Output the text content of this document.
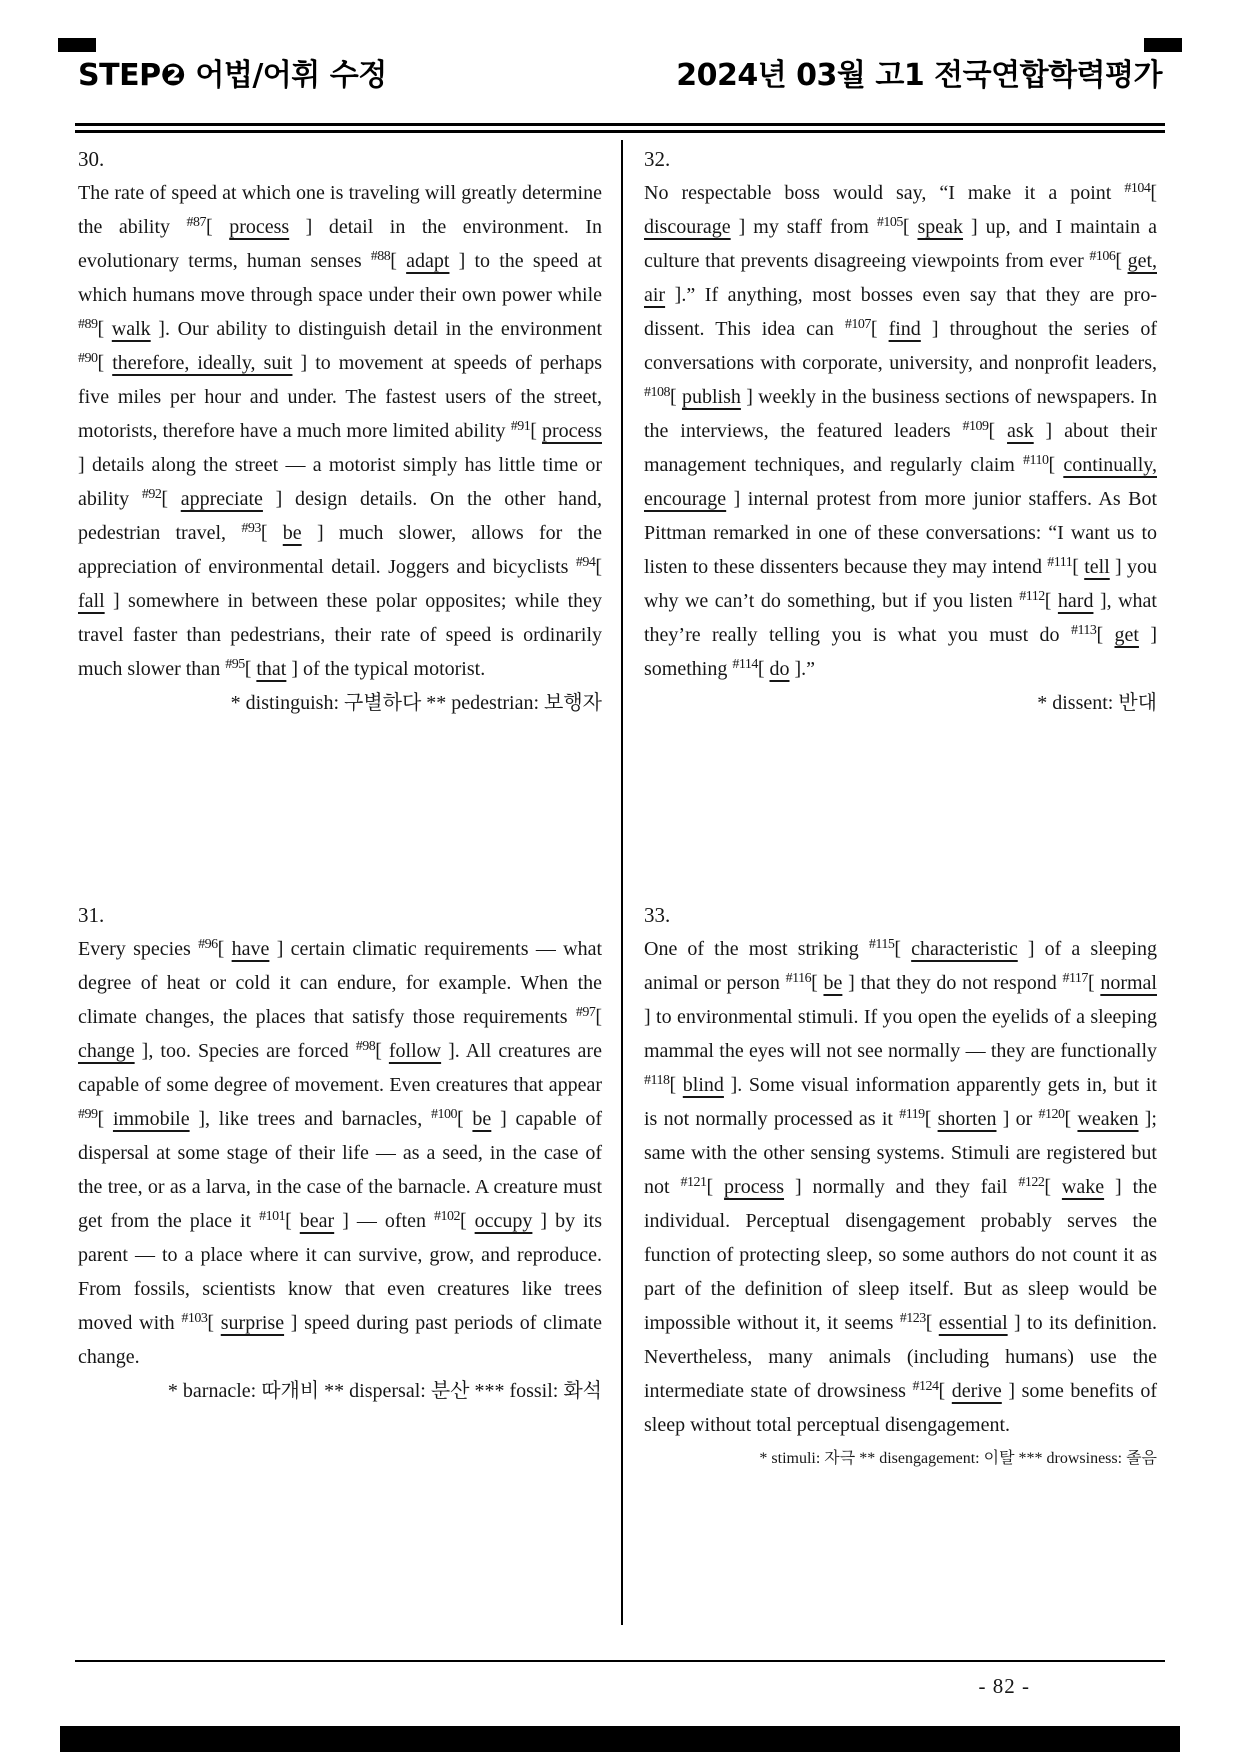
STEP❷ 어법/어휘 수정	2024년 03월 고1 전국연합학력평가
30.

The rate of speed at which one is traveling will greatly determine the ability $^{\#87}$[ process ] detail in the environment. In evolutionary terms, human senses $^{\#88}$[ adapt ] to the speed at which humans move through space under their own power while $^{\#89}$[ walk ]. Our ability to distinguish detail in the environment $^{\#90}$[ therefore, ideally, suit ] to movement at speeds of perhaps five miles per hour and under. The fastest users of the street, motorists, therefore have a much more limited ability $^{\#91}$[ process ] details along the street — a motorist simply has little time or ability $^{\#92}$[ appreciate ] design details. On the other hand, pedestrian travel, $^{\#93}$[ be ] much slower, allows for the appreciation of environmental detail. Joggers and bicyclists $^{\#94}$[ fall ] somewhere in between these polar opposites; while they travel faster than pedestrians, their rate of speed is ordinarily much slower than $^{\#95}$[ that ] of the typical motorist.

* distinguish: 구별하다 ** pedestrian: 보행자
31.

Every species $^{\#96}$[ have ] certain climatic requirements — what degree of heat or cold it can endure, for example. When the climate changes, the places that satisfy those requirements $^{\#97}$[ change ], too. Species are forced $^{\#98}$[ follow ]. All creatures are capable of some degree of movement. Even creatures that appear $^{\#99}$[ immobile ], like trees and barnacles, $^{\#100}$[ be ] capable of dispersal at some stage of their life — as a seed, in the case of the tree, or as a larva, in the case of the barnacle. A creature must get from the place it $^{\#101}$[ bear ] — often $^{\#102}$[ occupy ] by its parent — to a place where it can survive, grow, and reproduce. From fossils, scientists know that even creatures like trees moved with $^{\#103}$[ surprise ] speed during past periods of climate change.

* barnacle: 따개비 ** dispersal: 분산 *** fossil: 화석
32.

No respectable boss would say, “I make it a point $^{\#104}$[ discourage ] my staff from $^{\#105}$[ speak ] up, and I maintain a culture that prevents disagreeing viewpoints from ever $^{\#106}$[ get, air ].” If anything, most bosses even say that they are pro-dissent. This idea can $^{\#107}$[ find ] throughout the series of conversations with corporate, university, and nonprofit leaders, $^{\#108}$[ publish ] weekly in the business sections of newspapers. In the interviews, the featured leaders $^{\#109}$[ ask ] about their management techniques, and regularly claim $^{\#110}$[ continually, encourage ] internal protest from more junior staffers. As Bot Pittman remarked in one of these conversations: “I want us to listen to these dissenters because they may intend $^{\#111}$[ tell ] you why we can’t do something, but if you listen $^{\#112}$[ hard ], what they’re really telling you is what you must do $^{\#113}$[ get ] something $^{\#114}$[ do ].”

* dissent: 반대
33.

One of the most striking $^{\#115}$[ characteristic ] of a sleeping animal or person $^{\#116}$[ be ] that they do not respond $^{\#117}$[ normal ] to environmental stimuli. If you open the eyelids of a sleeping mammal the eyes will not see normally — they are functionally $^{\#118}$[ blind ]. Some visual information apparently gets in, but it is not normally processed as it $^{\#119}$[ shorten ] or $^{\#120}$[ weaken ]; same with the other sensing systems. Stimuli are registered but not $^{\#121}$[ process ] normally and they fail $^{\#122}$[ wake ] the individual. Perceptual disengagement probably serves the function of protecting sleep, so some authors do not count it as part of the definition of sleep itself. But as sleep would be impossible without it, it seems $^{\#123}$[ essential ] to its definition. Nevertheless, many animals (including humans) use the intermediate state of drowsiness $^{\#124}$[ derive ] some benefits of sleep without total perceptual disengagement.

* stimuli: 자극 ** disengagement: 이탈 *** drowsiness: 졸음
- 82 -
